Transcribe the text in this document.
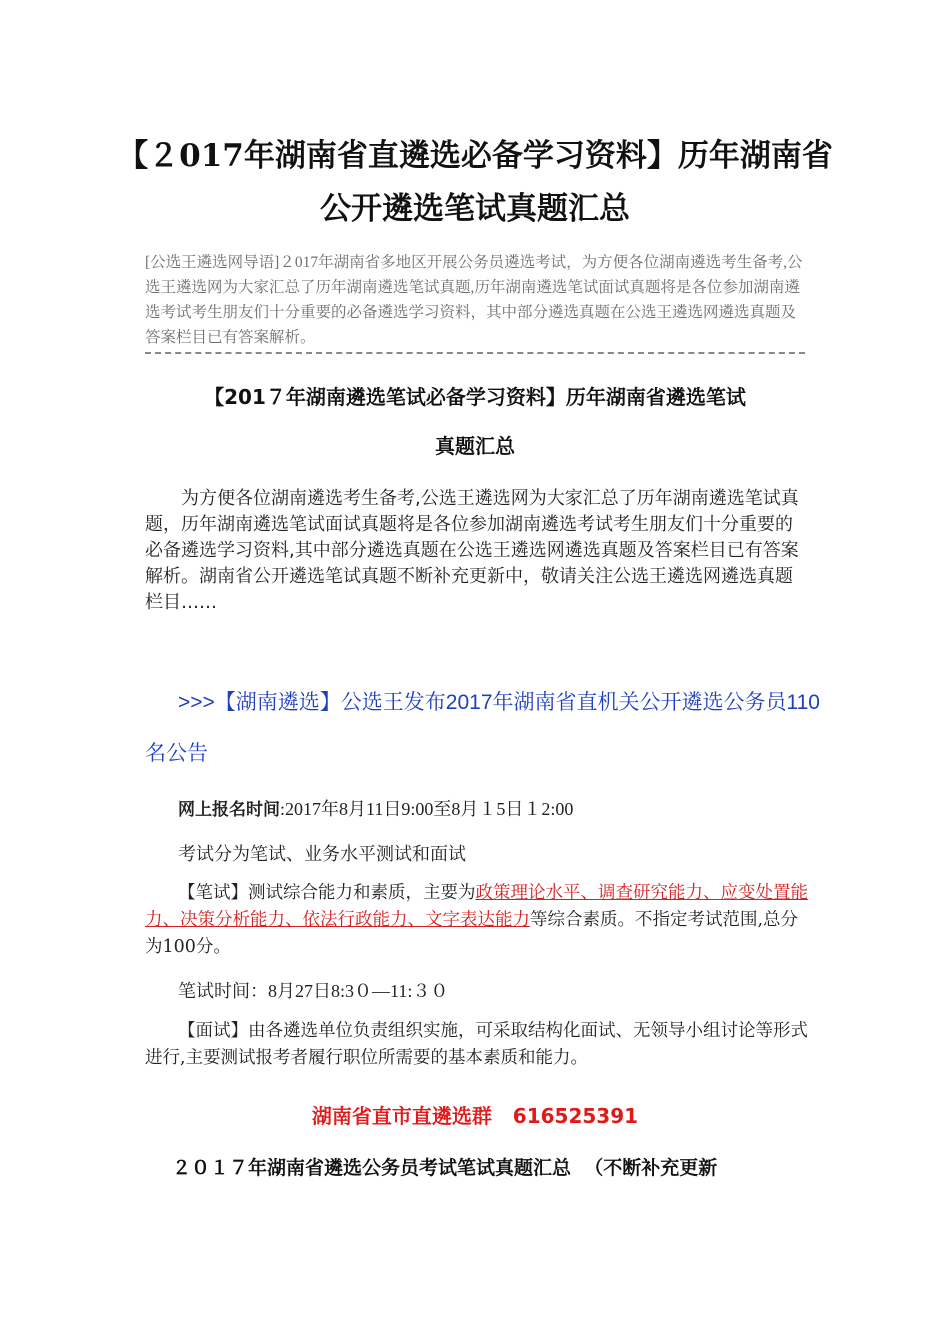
【２017年湖南省直遴选必备学习资料】历年湖南省
公开遴选笔试真题汇总
[公选王遴选网导语]２017年湖南省多地区开展公务员遴选考试，为方便各位湖南遴选考生备考,公选王遴选网为大家汇总了历年湖南遴选笔试真题,历年湖南遴选笔试面试真题将是各位参加湖南遴选考试考生朋友们十分重要的必备遴选学习资料，其中部分遴选真题在公选王遴选网遴选真题及答案栏目已有答案解析。
【201７年湖南遴选笔试必备学习资料】历年湖南省遴选笔试
真题汇总
为方便各位湖南遴选考生备考,公选王遴选网为大家汇总了历年湖南遴选笔试真题，历年湖南遴选笔试面试真题将是各位参加湖南遴选考试考生朋友们十分重要的必备遴选学习资料,其中部分遴选真题在公选王遴选网遴选真题及答案栏目已有答案解析。湖南省公开遴选笔试真题不断补充更新中，敬请关注公选王遴选网遴选真题栏目……
>>>【湖南遴选】公选王发布2017年湖南省直机关公开遴选公务员110
名公告
网上报名时间:2017年8月11日9:00至8月１5日１2:00
考试分为笔试、业务水平测试和面试
【笔试】测试综合能力和素质，主要为政策理论水平、调查研究能力、应变处置能力、决策分析能力、依法行政能力、文字表达能力等综合素质。不指定考试范围,总分为100分。
笔试时间：8月27日8:3０—11:３０
【面试】由各遴选单位负责组织实施，可采取结构化面试、无领导小组讨论等形式进行,主要测试报考者履行职位所需要的基本素质和能力。
湖南省直市直遴选群   616525391
２０１７年湖南省遴选公务员考试笔试真题汇总  （不断补充更新
